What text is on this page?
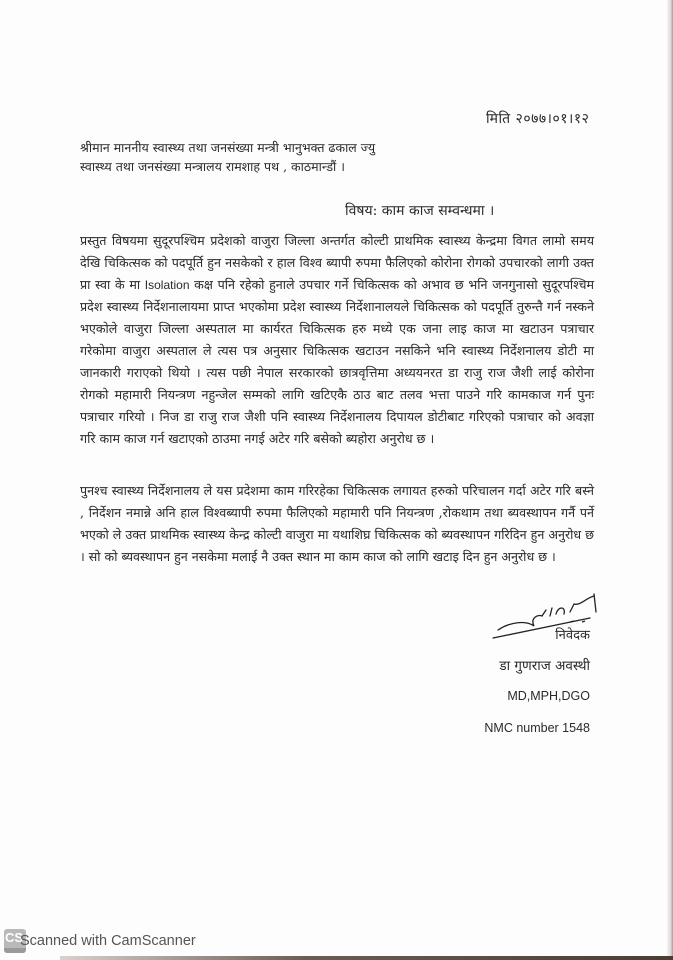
मिति २०७७।०१।१२
श्रीमान माननीय स्वास्थ्य तथा जनसंख्या मन्त्री भानुभक्त ढकाल ज्यु
स्वास्थ्य तथा जनसंख्या मन्त्रालय रामशाह पथ , काठमान्डौं ।
विषय: काम काज सम्वन्धमा ।
प्रस्तुत विषयमा सुदूरपश्चिम प्रदेशको वाजुरा जिल्ला अन्तर्गत कोल्टी प्राथमिक स्वास्थ्य केन्द्रमा विगत लामो समय देखि चिकित्सक को पदपूर्ति हुन नसकेको र हाल विश्व ब्यापी रुपमा फैलिएको कोरोना रोगको उपचारको लागी उक्त प्रा स्वा के मा Isolation कक्ष पनि रहेको हुनाले उपचार गर्ने चिकित्सक को अभाव छ भनि जनगुनासो सुदूरपश्चिम प्रदेश स्वास्थ्य निर्देशनालायमा प्राप्त भएकोमा प्रदेश स्वास्थ्य निर्देशानालयले चिकित्सक को पदपूर्ति तुरुन्तै गर्न नस्कने भएकोले वाजुरा जिल्ला अस्पताल मा कार्यरत चिकित्सक हरु मध्ये एक जना लाइ काज मा खटाउन पत्राचार गरेकोमा वाजुरा अस्पताल ले त्यस पत्र अनुसार चिकित्सक खटाउन नसकिने भनि स्वास्थ्य निर्देशनालय डोटी मा जानकारी गराएको थियो । त्यस पछी नेपाल सरकारको छात्रवृत्तिमा अध्ययनरत डा राजु राज जैशी लाई कोरोना रोगको महामारी नियन्त्रण नहुन्जेल सम्मको लागि खटिएकै ठाउ बाट तलव भत्ता पाउने गरि कामकाज गर्न पुनः पत्राचार गरियो । निज डा राजु राज जैशी पनि स्वास्थ्य निर्देशनालय दिपायल डोटीबाट गरिएको पत्राचार को अवज्ञा गरि काम काज गर्न खटाएको ठाउमा नगई अटेर गरि बसेको ब्यहोरा अनुरोध छ ।
पुनश्च स्वास्थ्य निर्देशनालय ले यस प्रदेशमा काम गरिरहेका चिकित्सक लगायत हरुको परिचालन गर्दा अटेर गरि बस्ने , निर्देशन नमान्ने अनि हाल विश्वब्यापी रुपमा फैलिएको महामारी पनि नियन्त्रण ,रोकथाम तथा ब्यवस्थापन गर्नै पर्ने भएको ले उक्त प्राथमिक स्वास्थ्य केन्द्र कोल्टी वाजुरा मा यथाशिघ्र चिकित्सक को ब्यवस्थापन गरिदिन हुन अनुरोध छ । सो को ब्यवस्थापन हुन नसकेमा मलाई नै उक्त स्थान मा काम काज को लागि खटाइ दिन हुन अनुरोध छ ।
निवेदक
डा गुणराज अवस्थी
MD,MPH,DGO
NMC number 1548
CS
Scanned with CamScanner
